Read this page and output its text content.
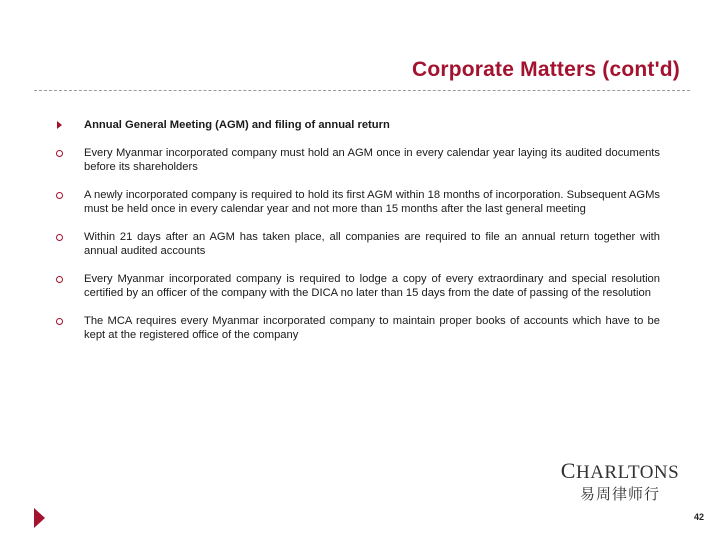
Corporate Matters (cont'd)
Annual General Meeting (AGM) and filing of annual return
Every Myanmar incorporated company must hold an AGM once in every calendar year laying its audited documents before its shareholders
A newly incorporated company is required to hold its first AGM within 18 months of incorporation. Subsequent AGMs must be held once in every calendar year and not more than 15 months after the last general meeting
Within 21 days after an AGM has taken place, all companies are required to file an annual return together with annual audited accounts
Every Myanmar incorporated company is required to lodge a copy of every extraordinary and special resolution certified by an officer of the company with the DICA no later than 15 days from the date of passing of the resolution
The MCA requires every Myanmar incorporated company to maintain proper books of accounts which have to be kept at the registered office of the company
CHARLTONS
易周律师行
42
